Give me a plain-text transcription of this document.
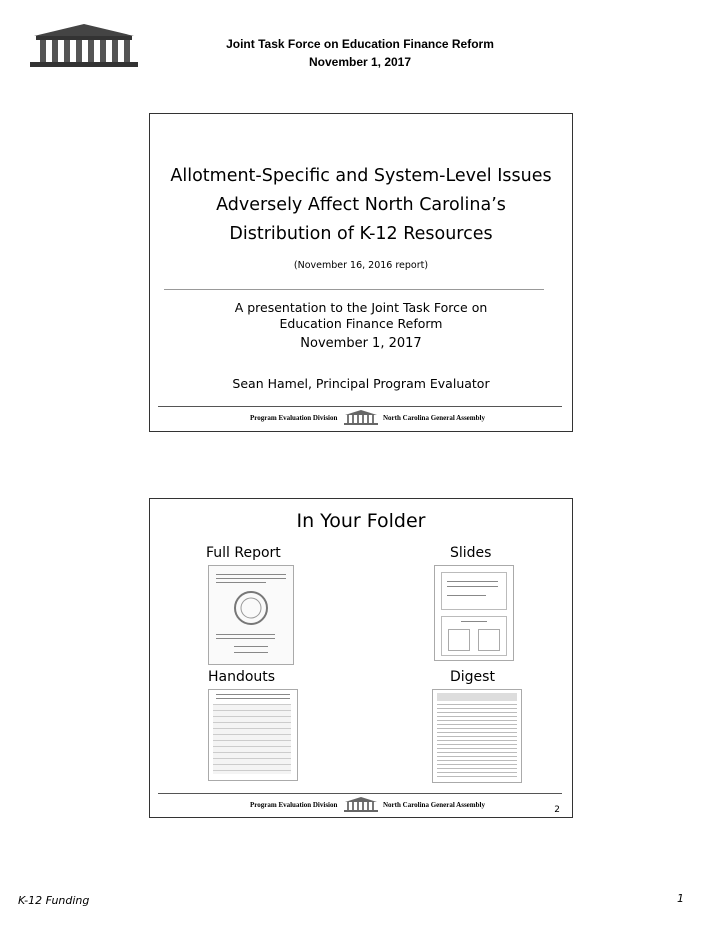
Joint Task Force on Education Finance Reform
November 1, 2017
Allotment-Specific and System-Level Issues
Adversely Affect North Carolina’s
Distribution of K-12 Resources
(November 16, 2016 report)
A presentation to the Joint Task Force on
Education Finance Reform
November 1, 2017
Sean Hamel, Principal Program Evaluator
Program Evaluation Division	North Carolina General Assembly
In Your Folder
Full Report	Slides
Handouts	Digest
Program Evaluation Division	North Carolina General Assembly	2
K-12 Funding	1
